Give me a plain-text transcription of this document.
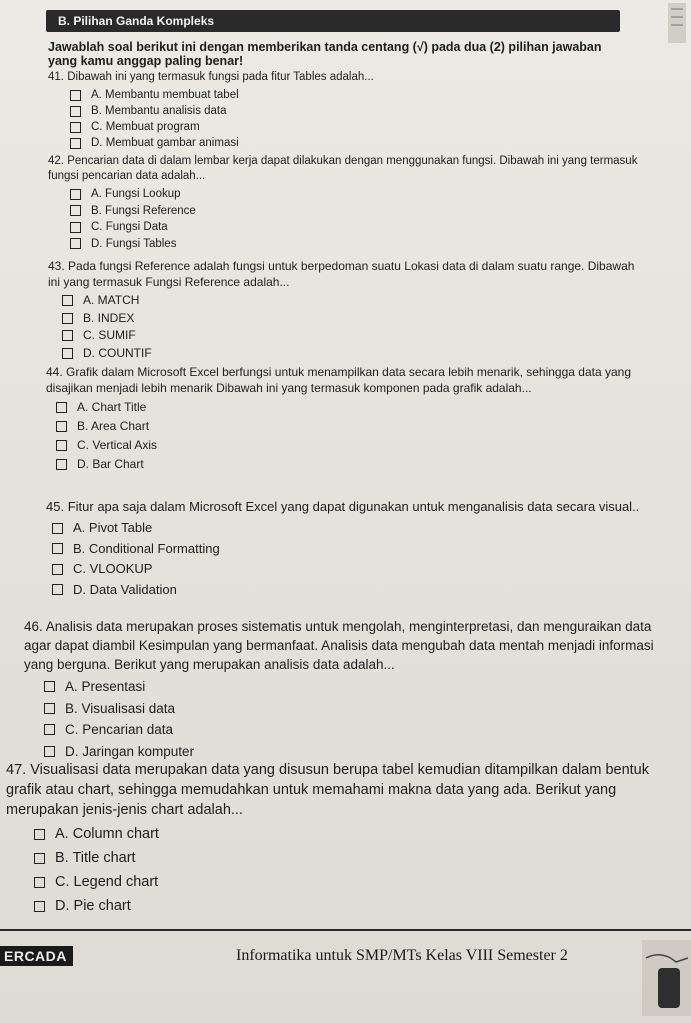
B. Pilihan Ganda Kompleks
Jawablah soal berikut ini dengan memberikan tanda centang (√) pada dua (2) pilihan jawaban
yang kamu anggap paling benar!

41. Dibawah ini yang termasuk fungsi pada fitur Tables adalah...

A. Membantu membuat tabel
B. Membantu analisis data
C. Membuat program
D. Membuat gambar animasi

42. Pencarian data di dalam lembar kerja dapat dilakukan dengan menggunakan fungsi. Dibawah ini yang termasuk fungsi pencarian data adalah...

A. Fungsi Lookup
B. Fungsi Reference
C. Fungsi Data
D. Fungsi Tables

43. Pada fungsi Reference adalah fungsi untuk berpedoman suatu Lokasi data di dalam suatu range. Dibawah ini yang termasuk Fungsi Reference adalah...

A. MATCH
B. INDEX
C. SUMIF
D. COUNTIF

44. Grafik dalam Microsoft Excel berfungsi untuk menampilkan data secara lebih menarik, sehingga data yang disajikan menjadi lebih menarik Dibawah ini yang termasuk komponen pada grafik adalah...

A. Chart Title
B. Area Chart
C. Vertical Axis
D. Bar Chart

45. Fitur apa saja dalam Microsoft Excel yang dapat digunakan untuk menganalisis data secara visual..

A. Pivot Table
B. Conditional Formatting
C. VLOOKUP
D. Data Validation

46. Analisis data merupakan proses sistematis untuk mengolah, menginterpretasi, dan menguraikan data agar dapat diambil Kesimpulan yang bermanfaat. Analisis data mengubah data mentah menjadi informasi yang berguna. Berikut yang merupakan analisis data adalah...

A. Presentasi
B. Visualisasi data
C. Pencarian data
D. Jaringan komputer

47. Visualisasi data merupakan data yang disusun berupa tabel kemudian ditampilkan dalam bentuk grafik atau chart, sehingga memudahkan untuk memahami makna data yang ada. Berikut yang merupakan jenis-jenis chart adalah...

A. Column chart
B. Title chart
C. Legend chart
D. Pie chart
ERCADA	Informatika untuk SMP/MTs Kelas VIII Semester 2
